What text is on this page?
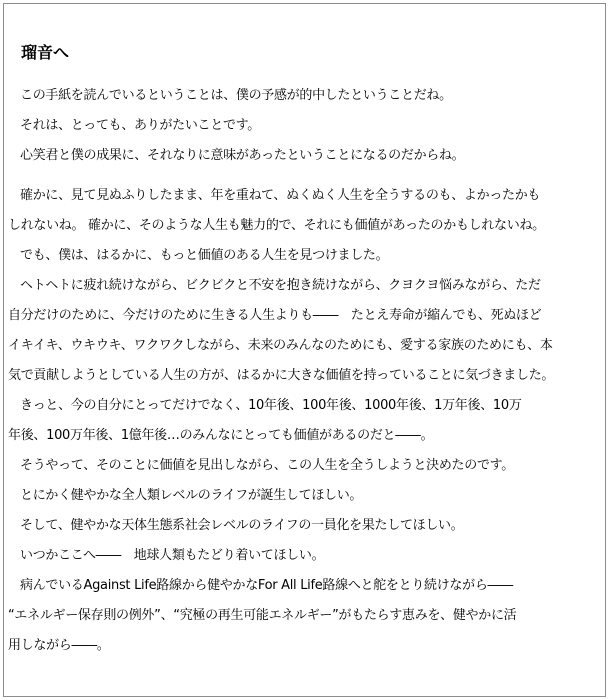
瑠音へ
この手紙を読んでいるということは、僕の予感が的中したということだね。
それは、とっても、ありがたいことです。
心笑君と僕の成果に、それなりに意味があったということになるのだからね。
確かに、見て見ぬふりしたまま、年を重ねて、ぬくぬく人生を全うするのも、よかったかも
しれないね。 確かに、そのような人生も魅力的で、それにも価値があったのかもしれないね。
でも、僕は、はるかに、もっと価値のある人生を見つけました。
ヘトヘトに疲れ続けながら、ビクビクと不安を抱き続けながら、クヨクヨ悩みながら、ただ
自分だけのために、今だけのために生きる人生よりも――　たとえ寿命が縮んでも、死ぬほど
イキイキ、ウキウキ、ワクワクしながら、未来のみんなのためにも、愛する家族のためにも、本
気で貢献しようとしている人生の方が、はるかに大きな価値を持っていることに気づきました。
きっと、今の自分にとってだけでなく、10年後、100年後、1000年後、1万年後、10万
年後、100万年後、1億年後…のみんなにとっても価値があるのだと――。
そうやって、そのことに価値を見出しながら、この人生を全うしようと決めたのです。
とにかく健やかな全人類レベルのライフが誕生してほしい。
そして、健やかな天体生態系社会レベルのライフの一員化を果たしてほしい。
いつかここへ――　地球人類もたどり着いてほしい。
病んでいるAgainst Life路線から健やかなFor All Life路線へと舵をとり続けながら――
“エネルギー保存則の例外”、“究極の再生可能エネルギー”がもたらす恵みを、健やかに活
用しながら――。
